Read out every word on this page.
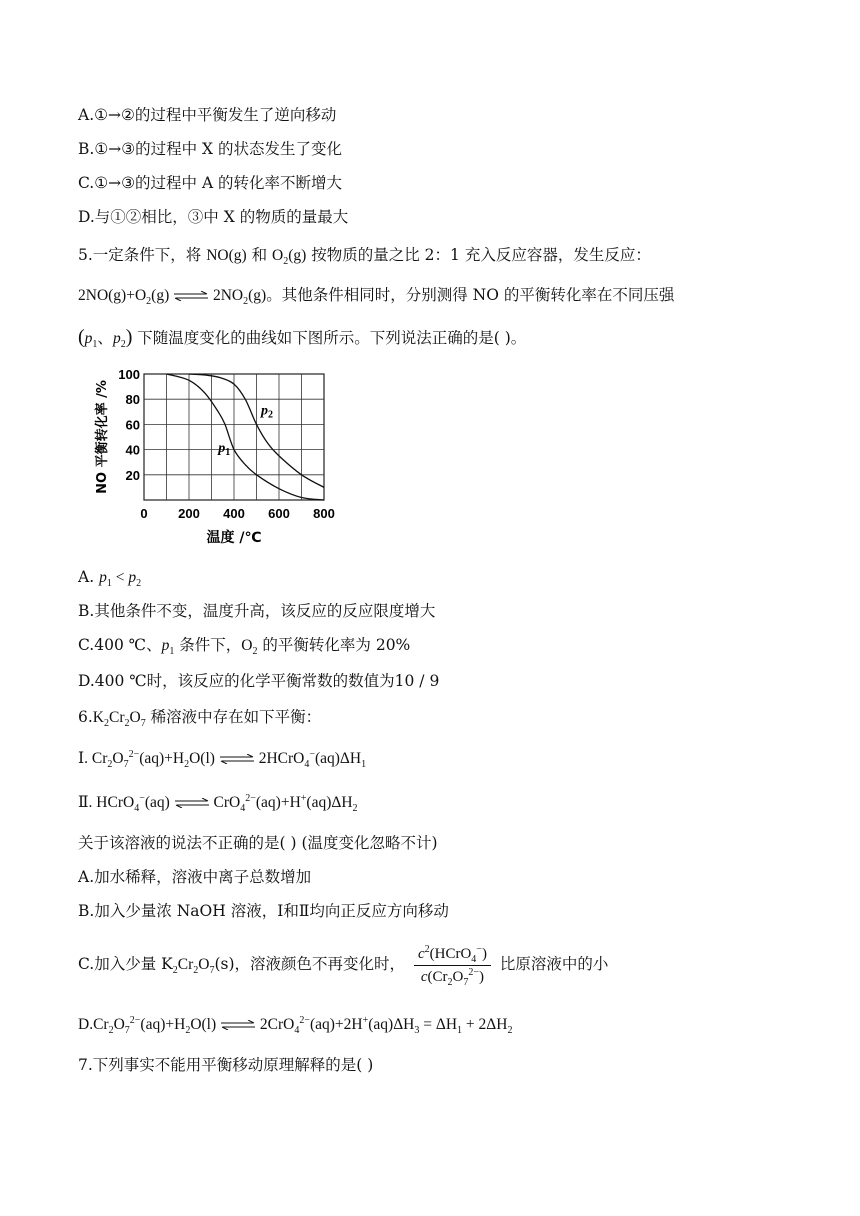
A.①→②的过程中平衡发生了逆向移动
B.①→③的过程中 X 的状态发生了变化
C.①→③的过程中 A 的转化率不断增大
D.与①②相比，③中 X 的物质的量最大
5.一定条件下，将 NO(g) 和 $O_2(g)$ 按物质的量之比 2：1 充入反应容器，发生反应：
$2NO(g)+O_2(g)$ ⇌ $2NO_2(g)$。其他条件相同时，分别测得 NO 的平衡转化率在不同压强
($p_1$、$p_2$) 下随温度变化的曲线如下图所示。下列说法正确的是( )。
0 200 400 600 800
20
40
60
80
100
温度 /℃
NO 平衡转化率 /%	$p_1$
$p_2$
A. $p_1 < p_2$
B.其他条件不变，温度升高，该反应的反应限度增大
C.400 ℃、$p_1$ 条件下，$O_2$ 的平衡转化率为 20%
D.400 ℃时，该反应的化学平衡常数的数值为10 / 9
$6.K_2Cr_2O_7$ 稀溶液中存在如下平衡：
Ⅰ. $Cr_2O_7^{2-}(aq)+H_2O(l)$ ⇌ $2HCrO_4^-(aq)\Delta H_1$
Ⅱ. HCrO$_4$−(aq) ⇌ $CrO_4^{2-}(aq)+H^+(aq)\Delta H_2$
关于该溶液的说法不正确的是( ) (温度变化忽略不计)
A.加水稀释，溶液中离子总数增加
B.加入少量浓 NaOH 溶液，Ⅰ和Ⅱ均向正反应方向移动
C.加入少量 $K_2Cr_2O_7(s)$，溶液颜色不再变化时， $\frac{c^2(HCrO_4^-)}{c(Cr_2O_7^{2-})}$ 比原溶液中的小
$D.Cr_2O_7^{2-}(aq)+H_2O(l)$ ⇌ $2CrO_4^{2-}(aq)+2H^+(aq)\Delta H_3 = \Delta H_1 + 2\Delta H_2$
7.下列事实不能用平衡移动原理解释的是( )
